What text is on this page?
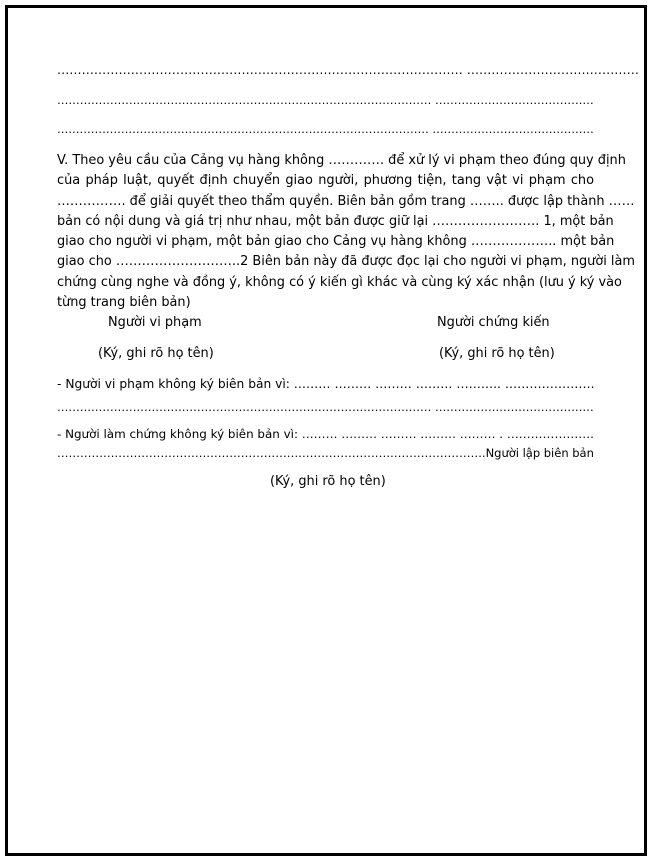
……………………………………………………………………………………… ……………………………………
……………………………………………………………………………………… ……………………………………
……………………………………………………………………………………… …………………………………….
V. Theo yêu cầu của Cảng vụ hàng không …………. để xử lý vi phạm theo đúng quy định
của pháp luật, quyết định chuyển giao người, phương tiện, tang vật vi phạm cho
……………. để giải quyết theo thẩm quyền. Biên bản gồm trang …….. được lập thành ……
bản có nội dung và giá trị như nhau, một bản được giữ lại ……………………. 1, một bản
giao cho người vi phạm, một bản giao cho Cảng vụ hàng không ……………….. một bản
giao cho ………………………..2 Biên bản này đã được đọc lại cho người vi phạm, người làm
chứng cùng nghe và đồng ý, không có ý kiến gì khác và cùng ký xác nhận (lưu ý ký vào
từng trang biên bản)
Người vi phạm	Người chứng kiến
(Ký, ghi rõ họ tên)	(Ký, ghi rõ họ tên)
- Người vi phạm không ký biên bản vì: ……… ……… ……… ……… ……….. ………………….
……………………………………………………………………………………… ……………………………………
- Người làm chứng không ký biên bản vì: ……… ……… ……… ……… ……… . ………………….
………………………………………………………………………………………………….Người lập biên bản
(Ký, ghi rõ họ tên)
